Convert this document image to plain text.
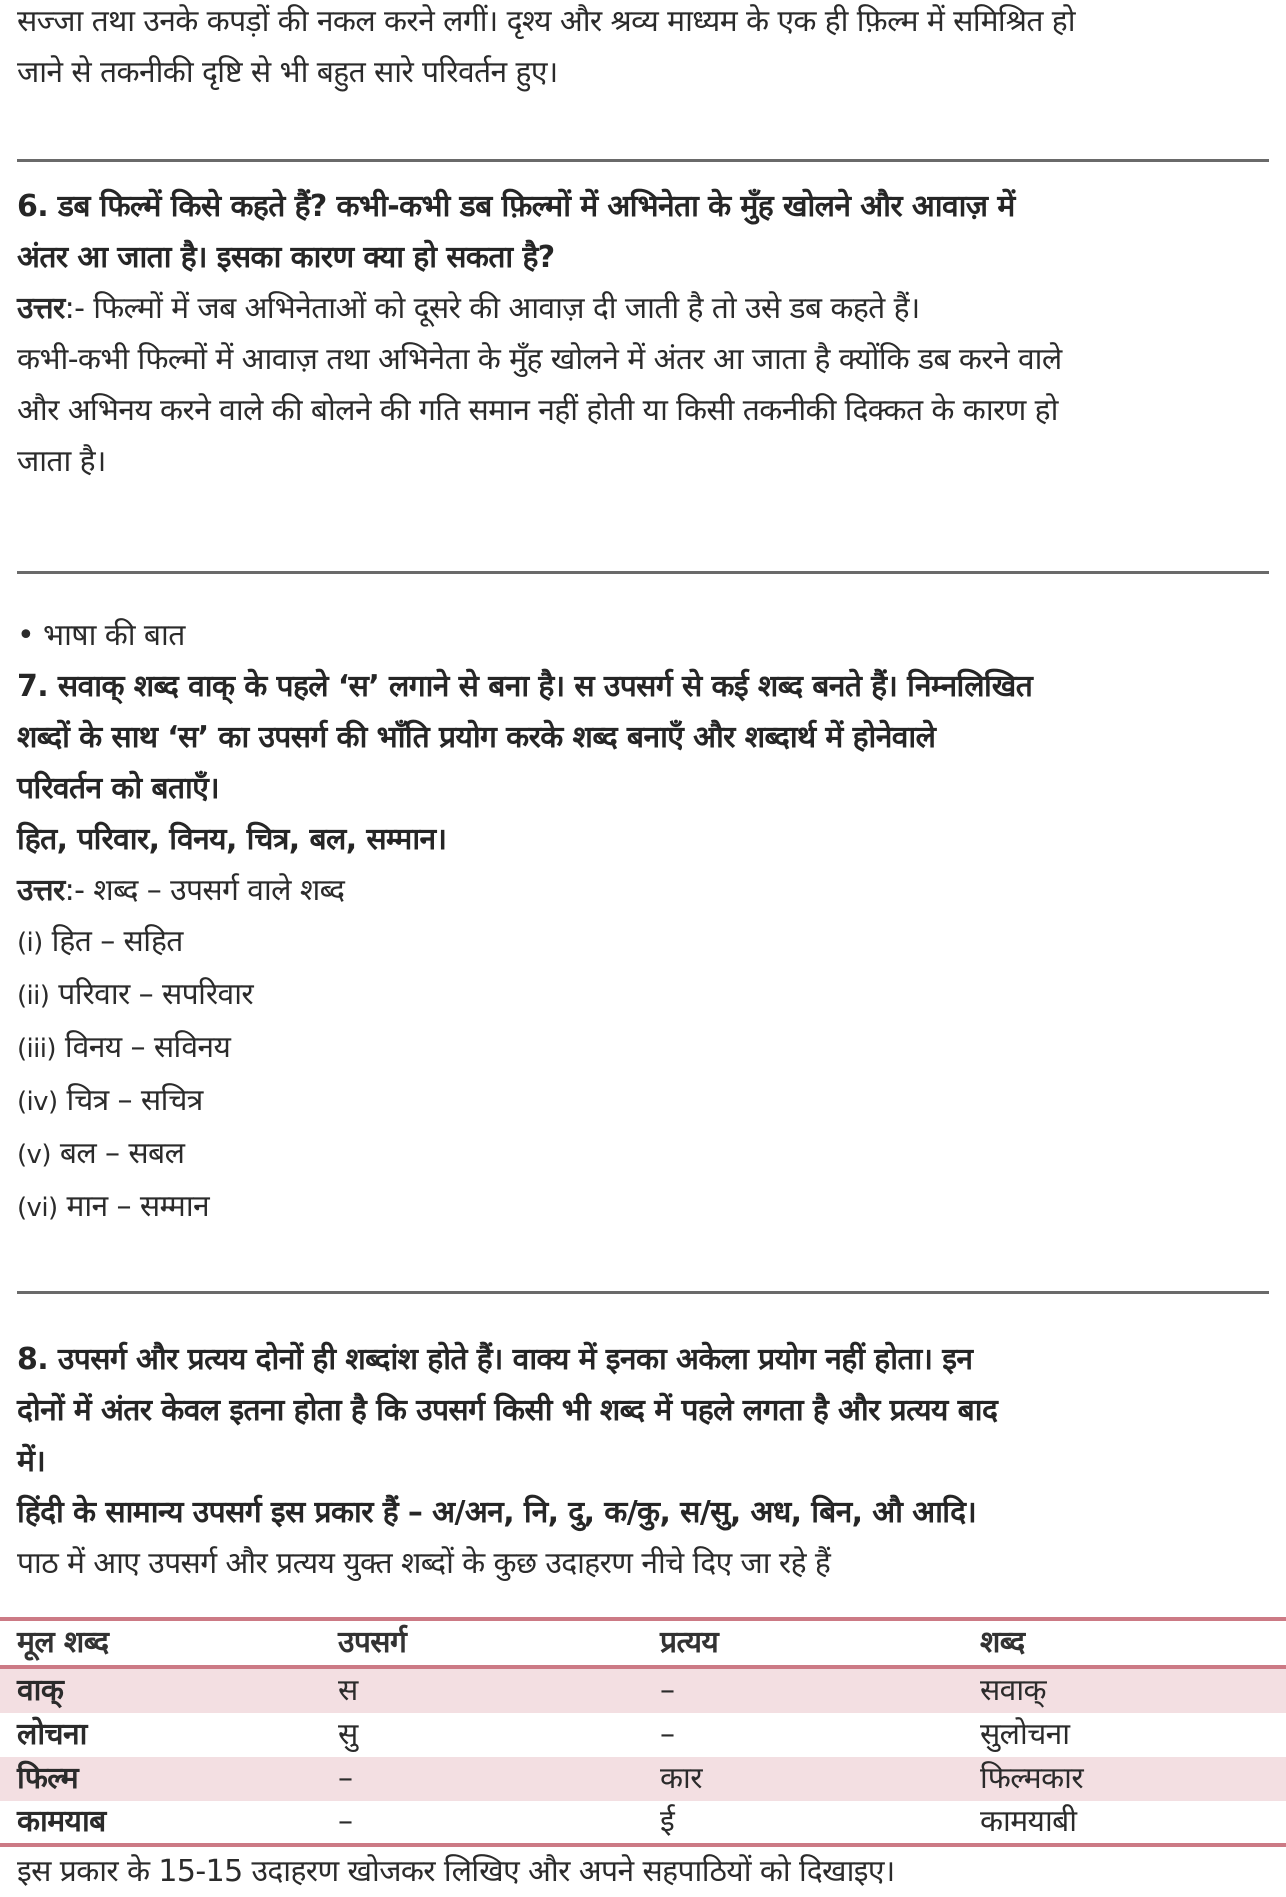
सज्जा तथा उनके कपड़ों की नकल करने लगीं। दृश्य और श्रव्य माध्यम के एक ही फ़िल्म में समिश्रित हो
जाने से तकनीकी दृष्टि से भी बहुत सारे परिवर्तन हुए।
6. डब फिल्में किसे कहते हैं? कभी-कभी डब फ़िल्मों में अभिनेता के मुँह खोलने और आवाज़ में
अंतर आ जाता है। इसका कारण क्या हो सकता है?
उत्तर:- फिल्मों में जब अभिनेताओं को दूसरे की आवाज़ दी जाती है तो उसे डब कहते हैं।
कभी-कभी फिल्मों में आवाज़ तथा अभिनेता के मुँह खोलने में अंतर आ जाता है क्योंकि डब करने वाले
और अभिनय करने वाले की बोलने की गति समान नहीं होती या किसी तकनीकी दिक्कत के कारण हो
जाता है।
• भाषा की बात
7. सवाक् शब्द वाक् के पहले ‘स’ लगाने से बना है। स उपसर्ग से कई शब्द बनते हैं। निम्नलिखित
शब्दों के साथ ‘स’ का उपसर्ग की भाँति प्रयोग करके शब्द बनाएँ और शब्दार्थ में होनेवाले
परिवर्तन को बताएँ।
हित, परिवार, विनय, चित्र, बल, सम्मान।
उत्तर:- शब्द – उपसर्ग वाले शब्द
(i) हित – सहित
(ii) परिवार – सपरिवार
(iii) विनय – सविनय
(iv) चित्र – सचित्र
(v) बल – सबल
(vi) मान – सम्मान
8. उपसर्ग और प्रत्यय दोनों ही शब्दांश होते हैं। वाक्य में इनका अकेला प्रयोग नहीं होता। इन
दोनों में अंतर केवल इतना होता है कि उपसर्ग किसी भी शब्द में पहले लगता है और प्रत्यय बाद
में।
हिंदी के सामान्य उपसर्ग इस प्रकार हैं – अ/अन, नि, दु, क/कु, स/सु, अध, बिन, औ आदि।
पाठ में आए उपसर्ग और प्रत्यय युक्त शब्दों के कुछ उदाहरण नीचे दिए जा रहे हैं
मूल शब्द	उपसर्ग	प्रत्यय	शब्द
वाक्	स	–	सवाक्
लोचना	सु	–	सुलोचना
फिल्म	–	कार	फिल्मकार
कामयाब	–	ई	कामयाबी
इस प्रकार के 15-15 उदाहरण खोजकर लिखिए और अपने सहपाठियों को दिखाइए।
